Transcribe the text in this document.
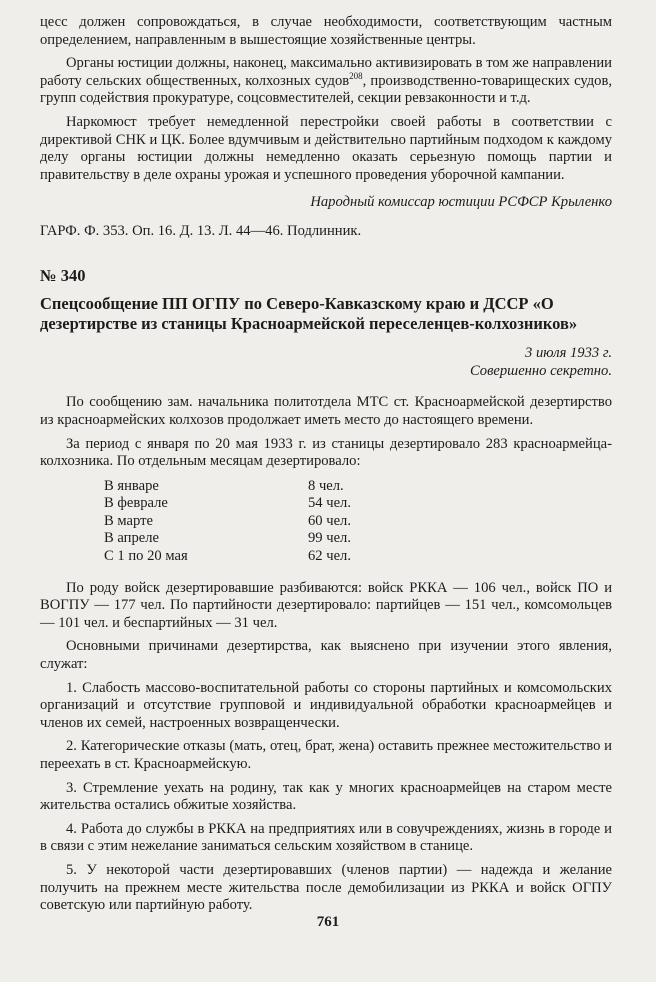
цесс должен сопровождаться, в случае необходимости, соответствующим частным определением, направленным в вышестоящие хозяйственные центры.

Органы юстиции должны, наконец, максимально активизировать в том же направлении работу сельских общественных, колхозных судов$^{208}$, производственно-товарищеских судов, групп содействия прокуратуре, соцсовместителей, секции ревзаконности и т.д.

Наркомюст требует немедленной перестройки своей работы в соответствии с директивой СНК и ЦК. Более вдумчивым и действительно партийным подходом к каждому делу органы юстиции должны немедленно оказать серьезную помощь партии и правительству в деле охраны урожая и успешного проведения уборочной кампании.

Народный комиссар юстиции РСФСР Крыленко

ГАРФ. Ф. 353. Оп. 16. Д. 13. Л. 44—46. Подлинник.

№ 340

Спецсообщение ПП ОГПУ по Северо-Кавказскому краю и ДССР «О дезертирстве из станицы Красноармейской переселенцев-колхозников»

3 июля 1933 г.

Совершенно секретно.

По сообщению зам. начальника политотдела МТС ст. Красноармейской дезертирство из красноармейских колхозов продолжает иметь место до настоящего времени.

За период с января по 20 мая 1933 г. из станицы дезертировало 283 красноармейца-колхозника. По отдельным месяцам дезертировало:

В январе	8 чел.
В феврале	54 чел.
В марте	60 чел.
В апреле	99 чел.
С 1 по 20 мая	62 чел.

По роду войск дезертировавшие разбиваются: войск РККА — 106 чел., войск ПО и ВОГПУ — 177 чел. По партийности дезертировало: партийцев — 151 чел., комсомольцев — 101 чел. и беспартийных — 31 чел.

Основными причинами дезертирства, как выяснено при изучении этого явления, служат:

1. Слабость массово-воспитательной работы со стороны партийных и комсомольских организаций и отсутствие групповой и индивидуальной обработки красноармейцев и членов их семей, настроенных возвращенчески.

2. Категорические отказы (мать, отец, брат, жена) оставить прежнее местожительство и переехать в ст. Красноармейскую.

3. Стремление уехать на родину, так как у многих красноармейцев на старом месте жительства остались обжитые хозяйства.

4. Работа до службы в РККА на предприятиях или в совучреждениях, жизнь в городе и в связи с этим нежелание заниматься сельским хозяйством в станице.

5. У некоторой части дезертировавших (членов партии) — надежда и желание получить на прежнем месте жительства после демобилизации из РККА и войск ОГПУ советскую или партийную работу.

761
